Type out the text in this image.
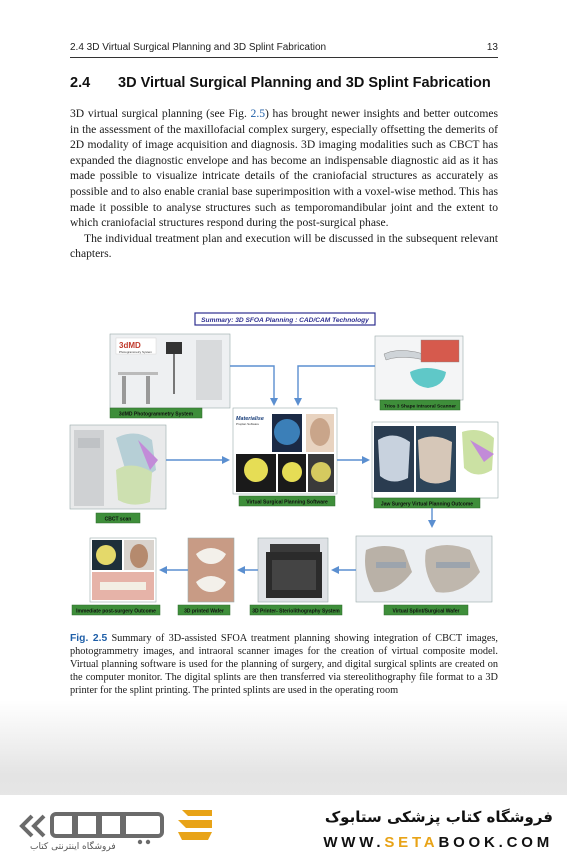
2.4 3D Virtual Surgical Planning and 3D Splint Fabrication	13
2.4 3D Virtual Surgical Planning and 3D Splint Fabrication

3D virtual surgical planning (see Fig. 2.5) has brought newer insights and better outcomes in the assessment of the maxillofacial complex surgery, especially offsetting the demerits of 2D modality of image acquisition and diagnosis. 3D imaging modalities such as CBCT has expanded the diagnostic envelope and has become an indispensable diagnostic aid as it has made possible to visualize intricate details of the craniofacial structures as accurately as possible and to also enable cranial base superimposition with a voxel-wise method. This has made it possible to analyse structures such as temporomandibular joint and the extent to which craniofacial structures respond during the post-surgical phase.

The individual treatment plan and execution will be discussed in the subsequent relevant chapters.

Summary: 3D SFOA Planning : CAD/CAM Technology
3dMD
Photogrammetry System
3dMD Photogrammetry System
Trios 3 Shape Intraoral Scanner
CBCT scan
Materialise
Proplan Software
Virtual Surgical Planning Software	Jaw Surgery Virtual Planning Outcome
Immediate post-surgery Outcome	3D printed Wafer	3D Printer- Steriolithography System	Virtual Splint/Surgical Wafer
Fig. 2.5 Summary of 3D-assisted SFOA treatment planning showing integration of CBCT images, photogrammetry images, and intraoral scanner images for the creation of virtual composite model. Virtual planning software is used for the planning of surgery, and digital surgical splints are created on the computer monitor. The digital splints are then transferred via stereolithography file format to a 3D printer for the splint printing. The printed splints are used in the operating room
فروشگاه اینترنتی کتاب
فروشگاه کتاب پزشکی ستابوک
WWW.SETABOOK.COM
